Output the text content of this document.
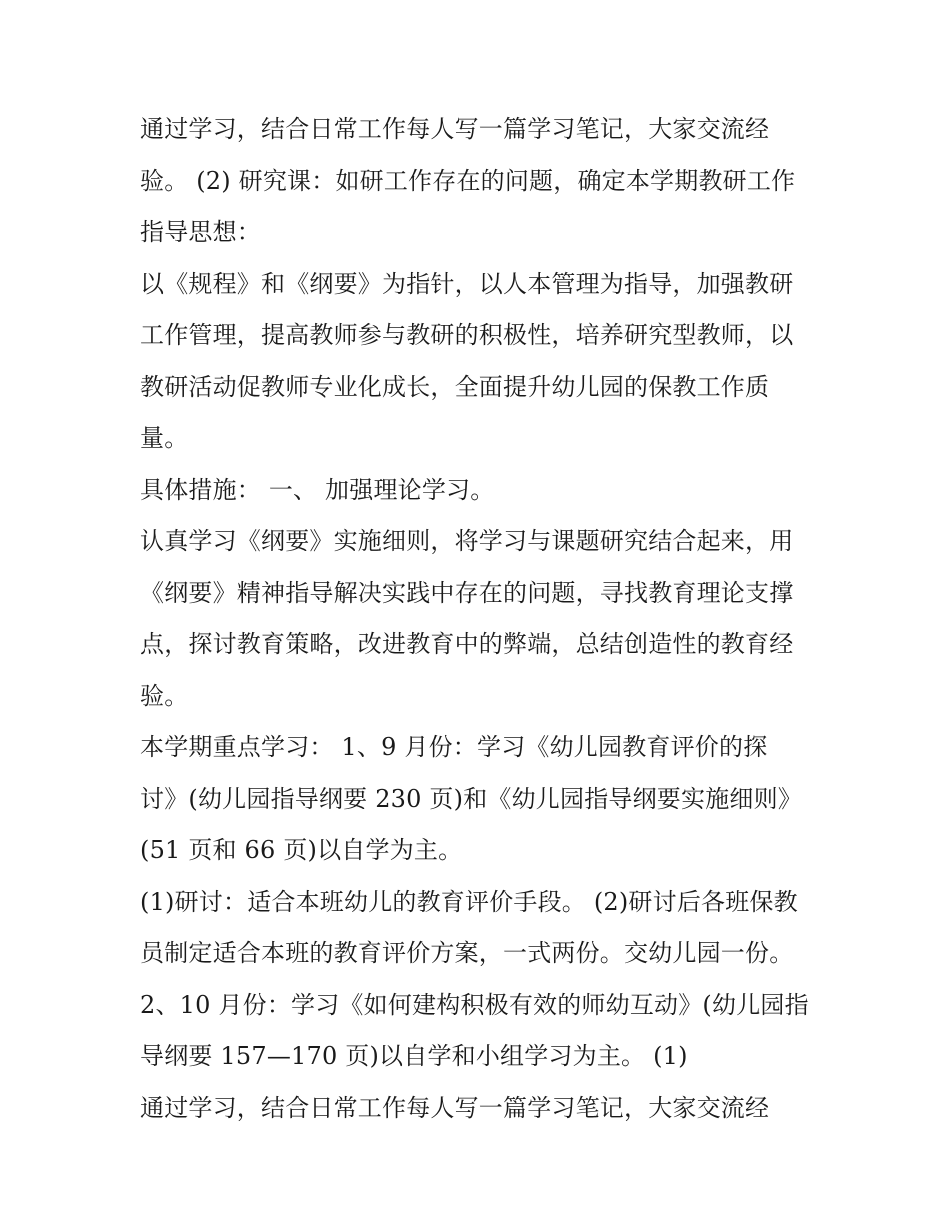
通过学习，结合日常工作每人写一篇学习笔记，大家交流经
验。 (2) 研究课：如研工作存在的问题，确定本学期教研工作
指导思想：
以《规程》和《纲要》为指针，以人本管理为指导，加强教研
工作管理，提高教师参与教研的积极性，培养研究型教师，以
教研活动促教师专业化成长，全面提升幼儿园的保教工作质
量。
具体措施： 一、 加强理论学习。
认真学习《纲要》实施细则，将学习与课题研究结合起来，用
《纲要》精神指导解决实践中存在的问题，寻找教育理论支撑
点，探讨教育策略，改进教育中的弊端，总结创造性的教育经
验。
本学期重点学习： 1、9 月份：学习《幼儿园教育评价的探
讨》(幼儿园指导纲要 230 页)和《幼儿园指导纲要实施细则》
(51 页和 66 页)以自学为主。
(1)研讨：适合本班幼儿的教育评价手段。 (2)研讨后各班保教
员制定适合本班的教育评价方案，一式两份。交幼儿园一份。
2、10 月份：学习《如何建构积极有效的师幼互动》(幼儿园指
导纲要 157—170 页)以自学和小组学习为主。 (1)
通过学习，结合日常工作每人写一篇学习笔记，大家交流经
